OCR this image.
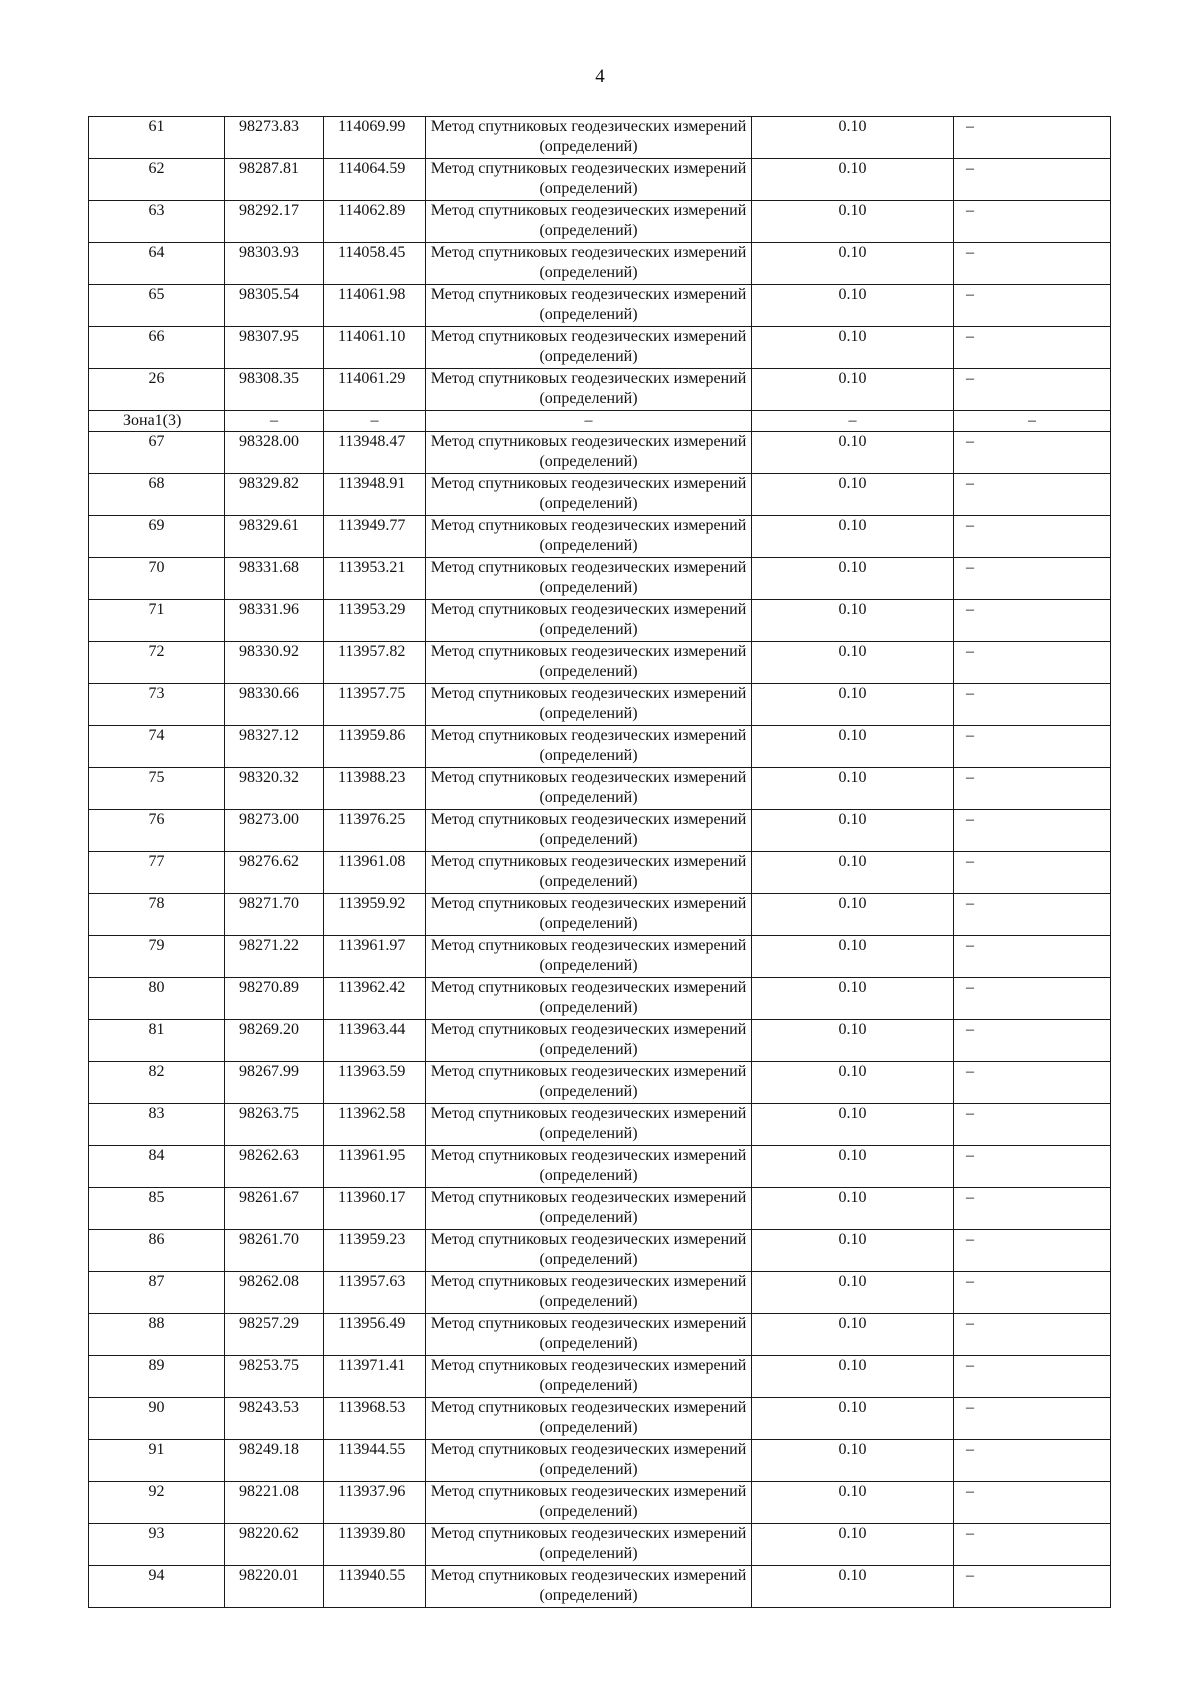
4
61	98273.83	114069.99	Метод спутниковых геодезических измерений (определений)	0.10	–
62	98287.81	114064.59	Метод спутниковых геодезических измерений (определений)	0.10	–
63	98292.17	114062.89	Метод спутниковых геодезических измерений (определений)	0.10	–
64	98303.93	114058.45	Метод спутниковых геодезических измерений (определений)	0.10	–
65	98305.54	114061.98	Метод спутниковых геодезических измерений (определений)	0.10	–
66	98307.95	114061.10	Метод спутниковых геодезических измерений (определений)	0.10	–
26	98308.35	114061.29	Метод спутниковых геодезических измерений (определений)	0.10	–
Зона1(3)	–	–	–	–	–
67	98328.00	113948.47	Метод спутниковых геодезических измерений (определений)	0.10	–
68	98329.82	113948.91	Метод спутниковых геодезических измерений (определений)	0.10	–
69	98329.61	113949.77	Метод спутниковых геодезических измерений (определений)	0.10	–
70	98331.68	113953.21	Метод спутниковых геодезических измерений (определений)	0.10	–
71	98331.96	113953.29	Метод спутниковых геодезических измерений (определений)	0.10	–
72	98330.92	113957.82	Метод спутниковых геодезических измерений (определений)	0.10	–
73	98330.66	113957.75	Метод спутниковых геодезических измерений (определений)	0.10	–
74	98327.12	113959.86	Метод спутниковых геодезических измерений (определений)	0.10	–
75	98320.32	113988.23	Метод спутниковых геодезических измерений (определений)	0.10	–
76	98273.00	113976.25	Метод спутниковых геодезических измерений (определений)	0.10	–
77	98276.62	113961.08	Метод спутниковых геодезических измерений (определений)	0.10	–
78	98271.70	113959.92	Метод спутниковых геодезических измерений (определений)	0.10	–
79	98271.22	113961.97	Метод спутниковых геодезических измерений (определений)	0.10	–
80	98270.89	113962.42	Метод спутниковых геодезических измерений (определений)	0.10	–
81	98269.20	113963.44	Метод спутниковых геодезических измерений (определений)	0.10	–
82	98267.99	113963.59	Метод спутниковых геодезических измерений (определений)	0.10	–
83	98263.75	113962.58	Метод спутниковых геодезических измерений (определений)	0.10	–
84	98262.63	113961.95	Метод спутниковых геодезических измерений (определений)	0.10	–
85	98261.67	113960.17	Метод спутниковых геодезических измерений (определений)	0.10	–
86	98261.70	113959.23	Метод спутниковых геодезических измерений (определений)	0.10	–
87	98262.08	113957.63	Метод спутниковых геодезических измерений (определений)	0.10	–
88	98257.29	113956.49	Метод спутниковых геодезических измерений (определений)	0.10	–
89	98253.75	113971.41	Метод спутниковых геодезических измерений (определений)	0.10	–
90	98243.53	113968.53	Метод спутниковых геодезических измерений (определений)	0.10	–
91	98249.18	113944.55	Метод спутниковых геодезических измерений (определений)	0.10	–
92	98221.08	113937.96	Метод спутниковых геодезических измерений (определений)	0.10	–
93	98220.62	113939.80	Метод спутниковых геодезических измерений (определений)	0.10	–
94	98220.01	113940.55	Метод спутниковых геодезических измерений (определений)	0.10	–
